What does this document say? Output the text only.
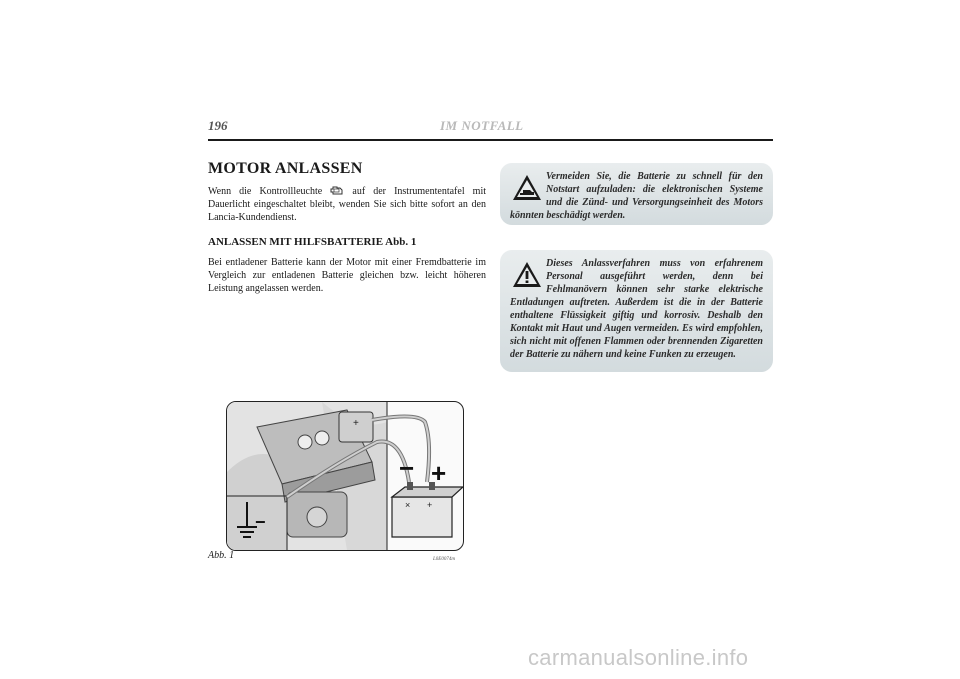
196	IM NOTFALL
MOTOR ANLASSEN
Wenn die Kontrollleuchte	auf der Instrumententafel mit Dauerlicht eingeschaltet bleibt, wenden Sie sich bitte sofort an den Lancia-Kundendienst.
ANLASSEN MIT HILFSBATTERIE Abb. 1
Bei entladener Batterie kann der Motor mit einer Fremdbatterie im Vergleich zur entladenen Batterie gleichen bzw. leicht höheren Leistung angelassen werden.
Vermeiden Sie, die Batterie zu schnell für den Notstart aufzuladen: die elektronischen Systeme und die Zünd- und Versorgungseinheit des Motors könnten beschädigt werden.
Dieses Anlassverfahren muss von erfahrenem Personal ausgeführt werden, denn bei Fehlmanövern können sehr starke elektrische Entladungen auftreten. Außerdem ist die in der Batterie enthaltene Flüssigkeit giftig und korrosiv. Deshalb den Kontakt mit Haut und Augen vermeiden. Es wird empfohlen, sich nicht mit offenen Flammen oder brennenden Zigaretten der Batterie zu nähern und keine Funken zu erzeugen.
+
−
× +
− +
Abb. 1	L0E0074m
carmanualsonline.info
